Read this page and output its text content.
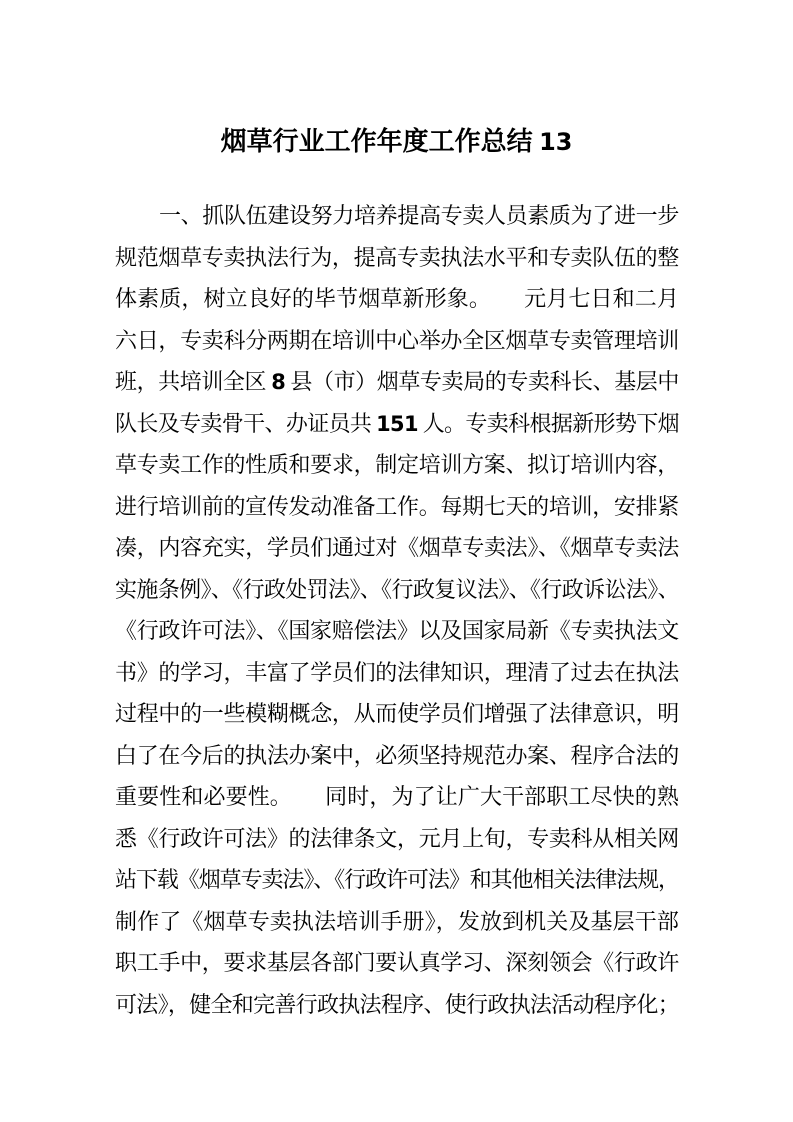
烟草行业工作年度工作总结 13
一、抓队伍建设努力培养提高专卖人员素质为了进一步
规范烟草专卖执法行为，提高专卖执法水平和专卖队伍的整
体素质，树立良好的毕节烟草新形象。　　元月七日和二月
六日，专卖科分两期在培训中心举办全区烟草专卖管理培训
班，共培训全区 8 县（市）烟草专卖局的专卖科长、基层中
队长及专卖骨干、办证员共 151 人。专卖科根据新形势下烟
草专卖工作的性质和要求，制定培训方案、拟订培训内容，
进行培训前的宣传发动准备工作。每期七天的培训，安排紧
凑，内容充实，学员们通过对《烟草专卖法》、《烟草专卖法
实施条例》、《行政处罚法》、《行政复议法》、《行政诉讼法》、
《行政许可法》、《国家赔偿法》以及国家局新《专卖执法文
书》的学习，丰富了学员们的法律知识，理清了过去在执法
过程中的一些模糊概念，从而使学员们增强了法律意识，明
白了在今后的执法办案中，必须坚持规范办案、程序合法的
重要性和必要性。　　同时，为了让广大干部职工尽快的熟
悉《行政许可法》的法律条文，元月上旬，专卖科从相关网
站下载《烟草专卖法》、《行政许可法》和其他相关法律法规，
制作了《烟草专卖执法培训手册》，发放到机关及基层干部
职工手中，要求基层各部门要认真学习、深刻领会《行政许
可法》，健全和完善行政执法程序、使行政执法活动程序化；
